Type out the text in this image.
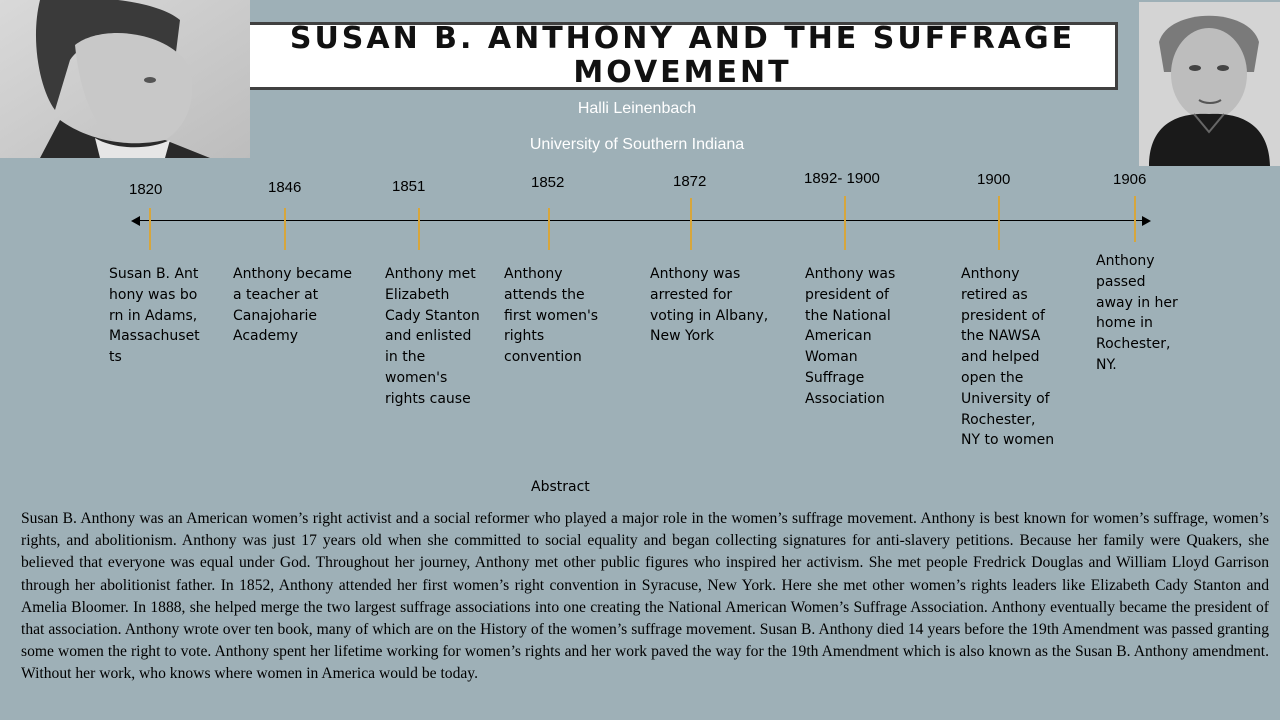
SUSAN B. ANTHONY AND THE SUFFRAGE MOVEMENT
Halli Leinenbach
University of Southern Indiana
1820	1846	1851	1852	1872	1892- 1900	1900	1906
Susan B. Anthony was born in Adams, Massachusetts
Anthony became a teacher at Canajoharie Academy
Anthony met Elizabeth Cady Stanton and enlisted in the women's rights cause
Anthony attends the first women's rights convention
Anthony was arrested for voting in Albany, New York
Anthony was president of the National American Woman Suffrage Association
Anthony retired as president of the NAWSA and helped open the University of Rochester, NY to women
Anthony passed away in her home in Rochester, NY.
Abstract

Susan B. Anthony was an American women’s right activist and a social reformer who played a major role in the women’s suffrage movement. Anthony is best known for women’s suffrage, women’s rights, and abolitionism. Anthony was just 17 years old when she committed to social equality and began collecting signatures for anti-slavery petitions. Because her family were Quakers, she believed that everyone was equal under God. Throughout her journey, Anthony met other public figures who inspired her activism. She met people Fredrick Douglas and William Lloyd Garrison through her abolitionist father. In 1852, Anthony attended her first women’s right convention in Syracuse, New York. Here she met other women’s rights leaders like Elizabeth Cady Stanton and Amelia Bloomer. In 1888, she helped merge the two largest suffrage associations into one creating the National American Women’s Suffrage Association. Anthony eventually became the president of that association. Anthony wrote over ten book, many of which are on the History of the women’s suffrage movement. Susan B. Anthony died 14 years before the 19th Amendment was passed granting some women the right to vote. Anthony spent her lifetime working for women’s rights and her work paved the way for the 19th Amendment which is also known as the Susan B. Anthony amendment. Without her work, who knows where women in America would be today.
